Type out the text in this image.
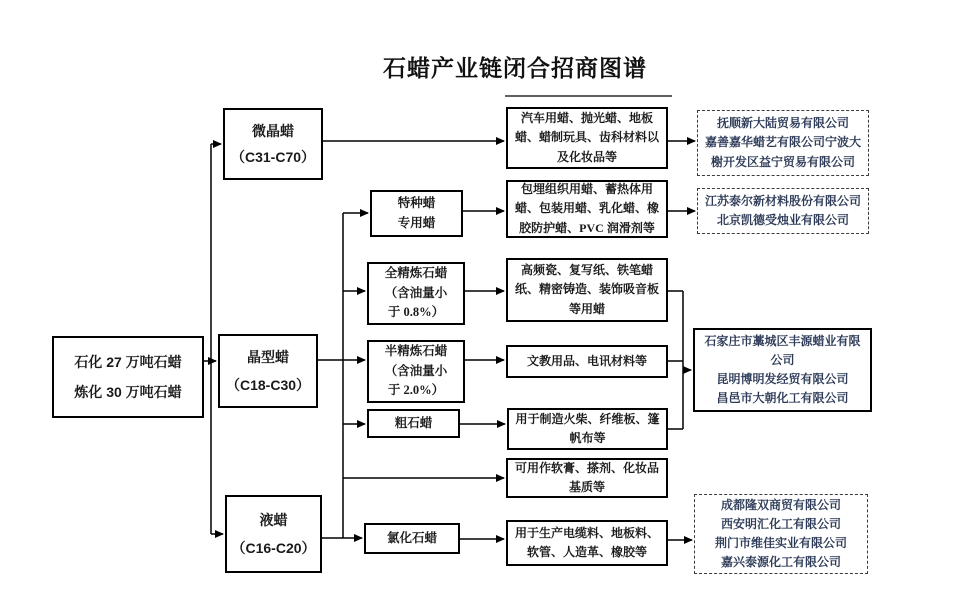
石蜡产业链闭合招商图谱
石化 27 万吨石蜡
炼化 30 万吨石蜡
微晶蜡
（C31-C70）
晶型蜡
（C18-C30）
液蜡
（C16-C20）
特种蜡
专用蜡
全精炼石蜡
（含油量小
于 0.8%）
半精炼石蜡
（含油量小
于 2.0%）
粗石蜡
氯化石蜡
汽车用蜡、抛光蜡、地板蜡、蜡制玩具、齿科材料以及化妆品等
包埋组织用蜡、蓄热体用蜡、包装用蜡、乳化蜡、橡胶防护蜡、PVC 润滑剂等
高频瓷、复写纸、铁笔蜡纸、精密铸造、装饰吸音板等用蜡
文教用品、电讯材料等
用于制造火柴、纤维板、篷帆布等
可用作软膏、搽剂、化妆品基质等
用于生产电缆料、地板料、软管、人造革、橡胶等
抚顺新大陆贸易有限公司
嘉善嘉华蜡艺有限公司宁波大
榭开发区益宁贸易有限公司
江苏泰尔新材料股份有限公司
北京凯德受烛业有限公司
石家庄市藁城区丰源蜡业有限
公司
昆明博明发经贸有限公司
昌邑市大朝化工有限公司
成都隆双商贸有限公司
西安明汇化工有限公司
荆门市维佳实业有限公司
嘉兴泰源化工有限公司
